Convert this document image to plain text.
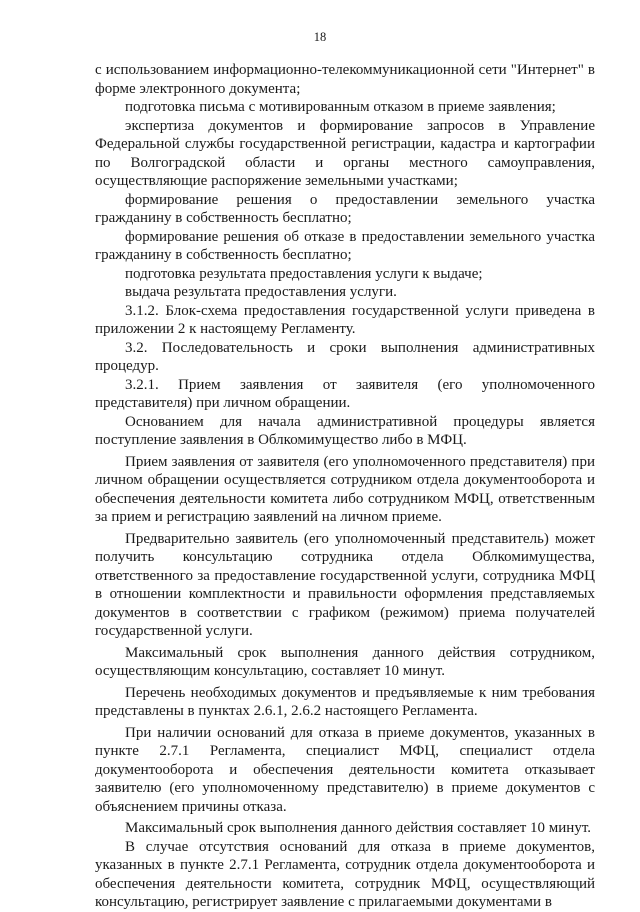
18

с использованием информационно-телекоммуникационной сети "Интернет" в форме электронного документа;

подготовка письма с мотивированным отказом в приеме заявления;

экспертиза документов и формирование запросов в Управление Федеральной службы государственной регистрации, кадастра и картографии по Волгоградской области и органы местного самоуправления, осуществляющие распоряжение земельными участками;

формирование решения о предоставлении земельного участка гражданину в собственность бесплатно;

формирование решения об отказе в предоставлении земельного участка гражданину в собственность бесплатно;

подготовка результата предоставления услуги к выдаче;

выдача результата предоставления услуги.

3.1.2. Блок-схема предоставления государственной услуги приведена в приложении 2 к настоящему Регламенту.

3.2. Последовательность и сроки выполнения административных процедур.

3.2.1. Прием заявления от заявителя (его уполномоченного представителя) при личном обращении.

Основанием для начала административной процедуры является поступление заявления в Облкомимущество либо в МФЦ.

Прием заявления от заявителя (его уполномоченного представителя) при личном обращении осуществляется сотрудником отдела документооборота и обеспечения деятельности комитета либо сотрудником МФЦ, ответственным за прием и регистрацию заявлений на личном приеме.

Предварительно заявитель (его уполномоченный представитель) может получить консультацию сотрудника отдела Облкомимущества, ответственного за предоставление государственной услуги, сотрудника МФЦ в отношении комплектности и правильности оформления представляемых документов в соответствии с графиком (режимом) приема получателей государственной услуги.

Максимальный срок выполнения данного действия сотрудником, осуществляющим консультацию, составляет 10 минут.

Перечень необходимых документов и предъявляемые к ним требования представлены в пунктах 2.6.1, 2.6.2 настоящего Регламента.

При наличии оснований для отказа в приеме документов, указанных в пункте 2.7.1 Регламента, специалист МФЦ, специалист отдела документооборота и обеспечения деятельности комитета отказывает заявителю (его уполномоченному представителю) в приеме документов с объяснением причины отказа.

Максимальный срок выполнения данного действия составляет 10 минут.

В случае отсутствия оснований для отказа в приеме документов, указанных в пункте 2.7.1 Регламента, сотрудник отдела документооборота и обеспечения деятельности комитета, сотрудник МФЦ, осуществляющий консультацию, регистрирует заявление с прилагаемыми документами в
